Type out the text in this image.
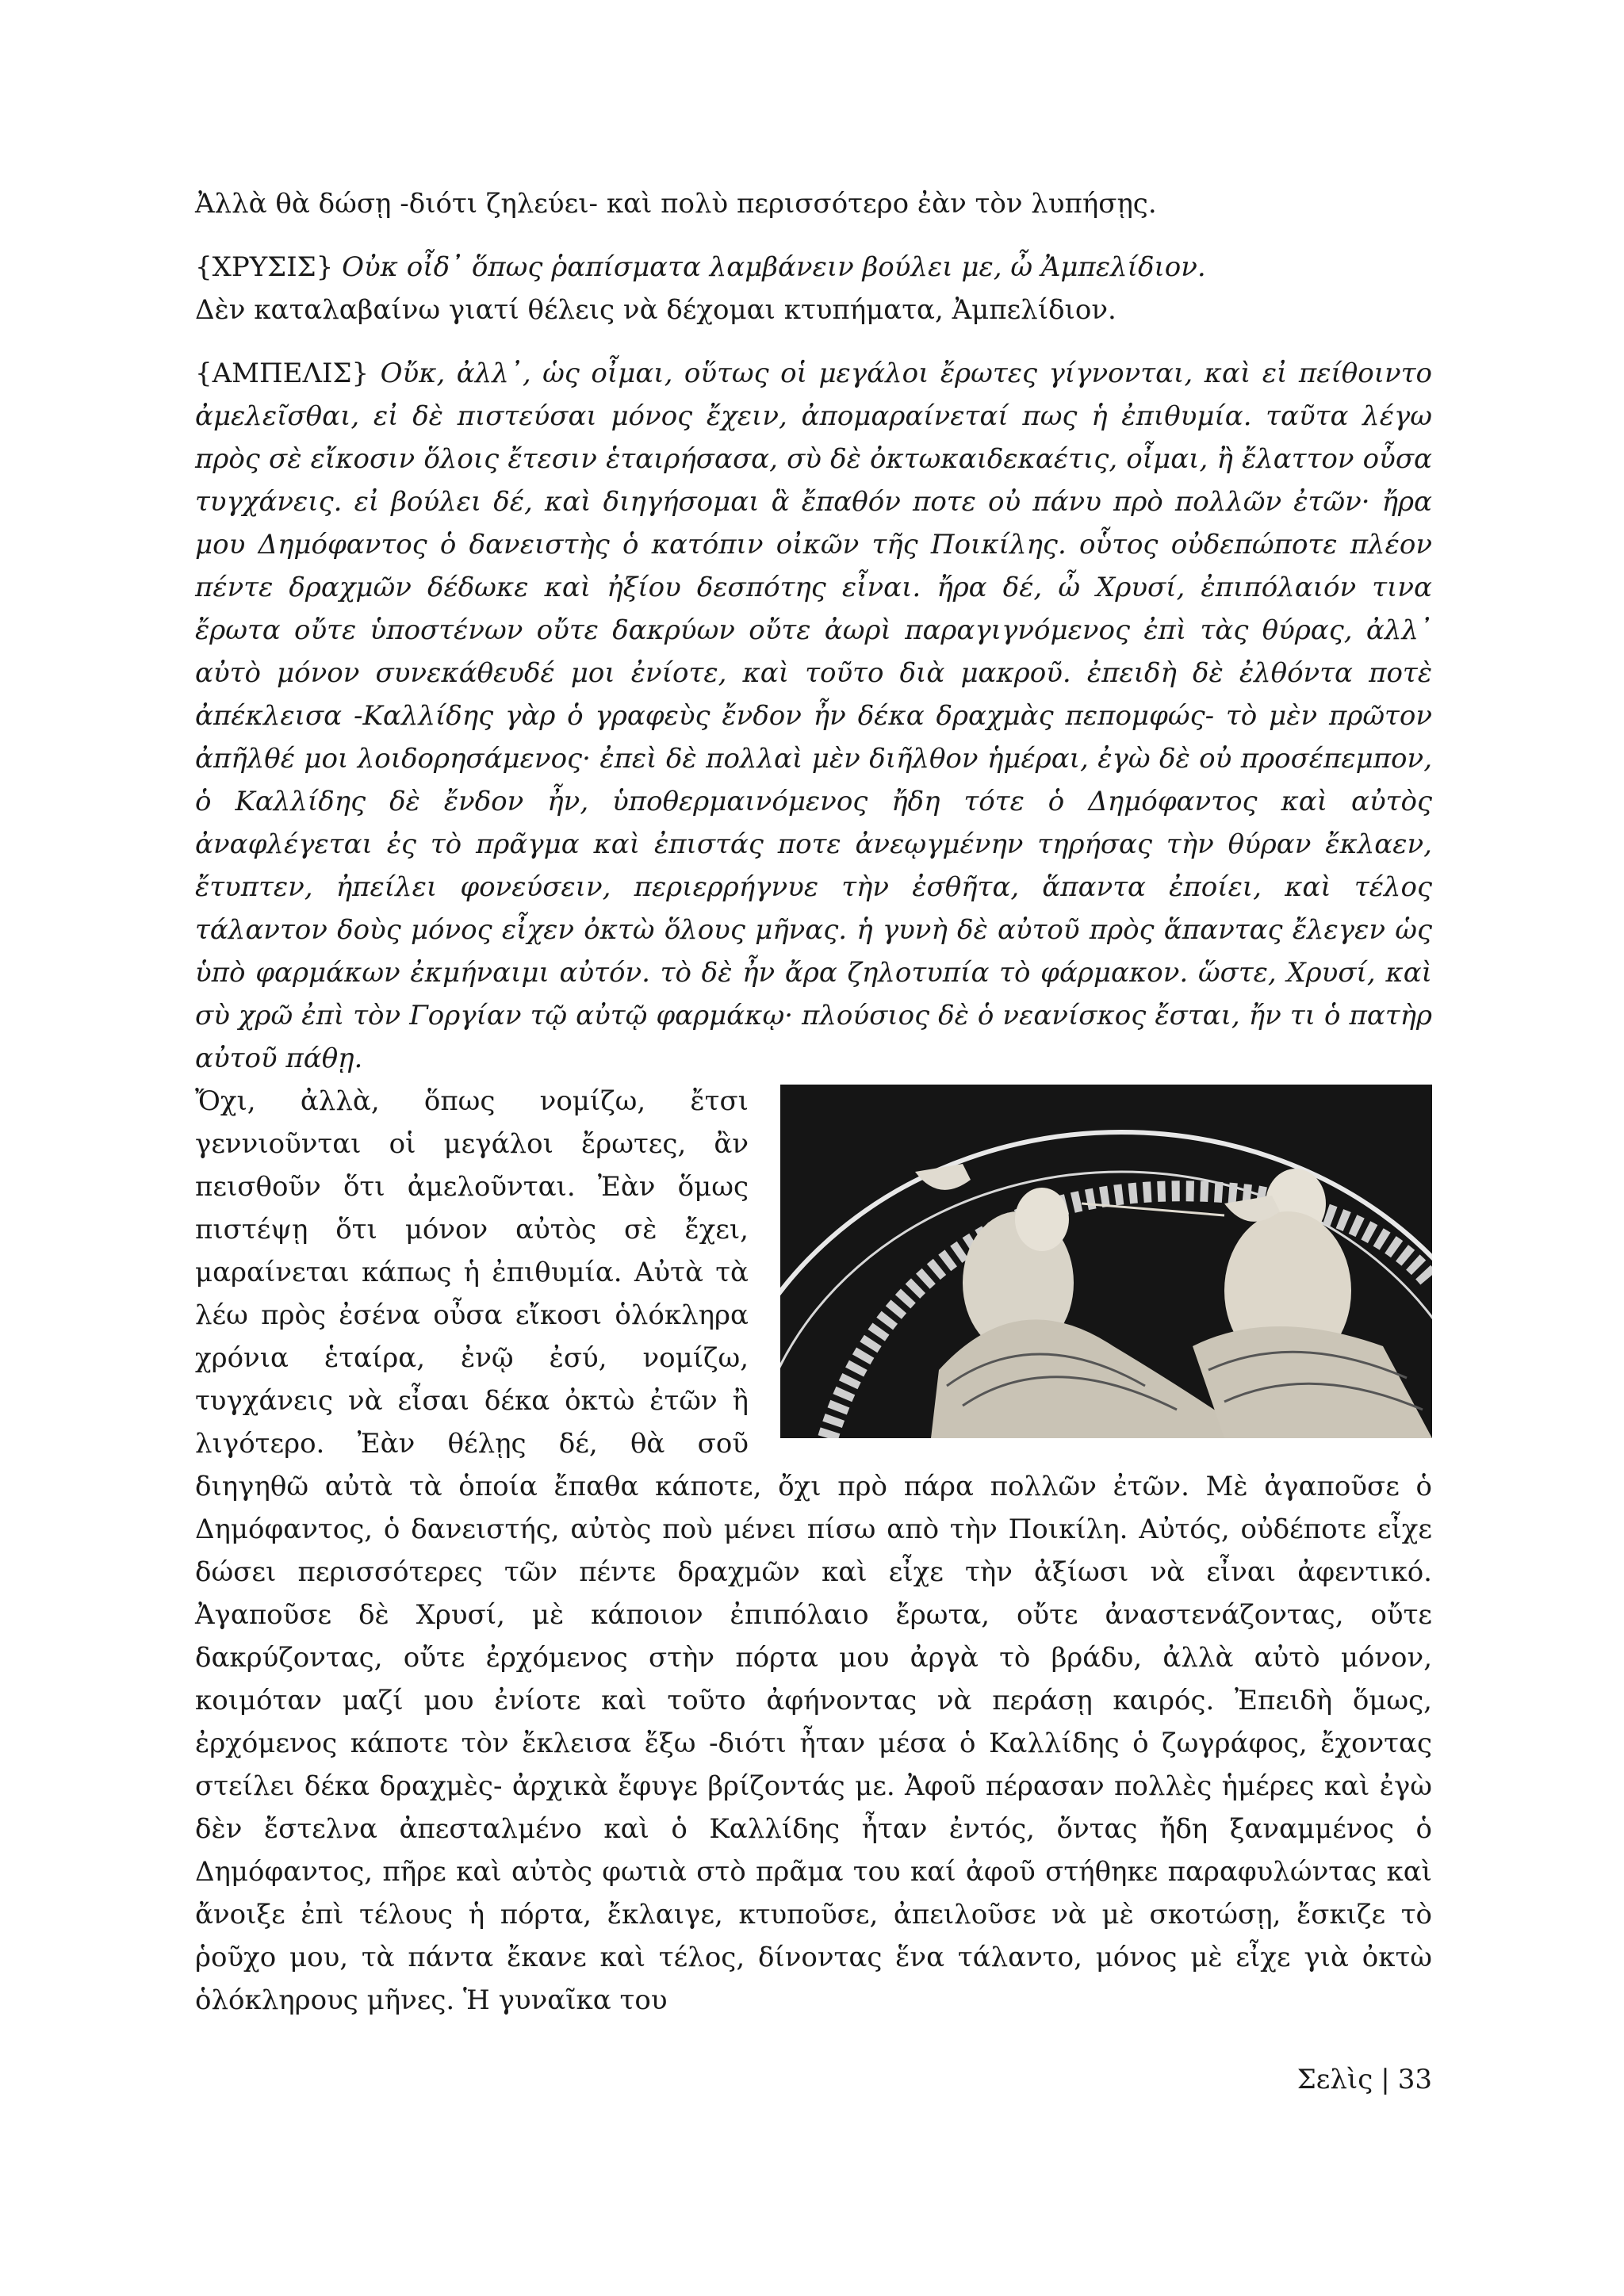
Ἀλλὰ θὰ δώσῃ -διότι ζηλεύει- καὶ πολὺ περισσότερο ἐὰν τὸν λυπήσῃς.

{ΧΡΥΣΙΣ} Οὐκ οἶδ᾽ ὅπως ῥαπίσματα λαμβάνειν βούλει με, ὦ Ἀμπελίδιον.

Δὲν καταλαβαίνω γιατί θέλεις νὰ δέχομαι κτυπήματα, Ἀμπελίδιον.

{ΑΜΠΕΛΙΣ} Οὔκ, ἀλλ᾽, ὡς οἶμαι, οὕτως οἱ μεγάλοι ἔρωτες γίγνονται, καὶ εἰ πείθοιντο ἀμελεῖσθαι, εἰ δὲ πιστεύσαι μόνος ἔχειν, ἀπομαραίνεταί πως ἡ ἐπιθυμία. ταῦτα λέγω πρὸς σὲ εἴκοσιν ὅλοις ἔτεσιν ἑταιρήσασα, σὺ δὲ ὀκτωκαιδεκαέτις, οἶμαι, ἢ ἔλαττον οὖσα τυγχάνεις. εἰ βούλει δέ, καὶ διηγήσομαι ἃ ἔπαθόν ποτε οὐ πάνυ πρὸ πολλῶν ἐτῶν· ἤρα μου Δημόφαντος ὁ δανειστὴς ὁ κατόπιν οἰκῶν τῆς Ποικίλης. οὗτος οὐδεπώποτε πλέον πέντε δραχμῶν δέδωκε καὶ ἠξίου δεσπότης εἶναι. ἤρα δέ, ὦ Χρυσί, ἐπιπόλαιόν τινα ἔρωτα οὔτε ὑποστένων οὔτε δακρύων οὔτε ἀωρὶ παραγιγνόμενος ἐπὶ τὰς θύρας, ἀλλ᾽ αὐτὸ μόνον συνεκάθευδέ μοι ἐνίοτε, καὶ τοῦτο διὰ μακροῦ. ἐπειδὴ δὲ ἐλθόντα ποτὲ ἀπέκλεισα -Καλλίδης γὰρ ὁ γραφεὺς ἔνδον ἦν δέκα δραχμὰς πεπομφώς- τὸ μὲν πρῶτον ἀπῆλθέ μοι λοιδορησάμενος· ἐπεὶ δὲ πολλαὶ μὲν διῆλθον ἡμέραι, ἐγὼ δὲ οὐ προσέπεμπον, ὁ Καλλίδης δὲ ἔνδον ἦν, ὑποθερμαινόμενος ἤδη τότε ὁ Δημόφαντος καὶ αὐτὸς ἀναφλέγεται ἐς τὸ πρᾶγμα καὶ ἐπιστάς ποτε ἀνεῳγμένην τηρήσας τὴν θύραν ἔκλαεν, ἔτυπτεν, ἠπείλει φονεύσειν, περιερρήγνυε τὴν ἐσθῆτα, ἅπαντα ἐποίει, καὶ τέλος τάλαντον δοὺς μόνος εἶχεν ὀκτὼ ὅλους μῆνας. ἡ γυνὴ δὲ αὐτοῦ πρὸς ἅπαντας ἔλεγεν ὡς ὑπὸ φαρμάκων ἐκμήναιμι αὐτόν. τὸ δὲ ἦν ἄρα ζηλοτυπία τὸ φάρμακον. ὥστε, Χρυσί, καὶ σὺ χρῶ ἐπὶ τὸν Γοργίαν τῷ αὐτῷ φαρμάκῳ· πλούσιος δὲ ὁ νεανίσκος ἔσται, ἤν τι ὁ πατὴρ αὐτοῦ πάθῃ.

Ὄχι, ἀλλὰ, ὅπως νομίζω, ἔτσι γεννιοῦνται οἱ μεγάλοι ἔρωτες, ἂν πεισθοῦν ὅτι ἀμελοῦνται. Ἐὰν ὅμως πιστέψῃ ὅτι μόνον αὐτὸς σὲ ἔχει, μαραίνεται κάπως ἡ ἐπιθυμία. Αὐτὰ τὰ λέω πρὸς ἐσένα οὖσα εἴκοσι ὁλόκληρα χρόνια ἑταίρα, ἐνῷ ἐσύ, νομίζω, τυγχάνεις νὰ εἶσαι δέκα ὀκτὼ ἐτῶν ἢ λιγότερο. Ἐὰν θέλῃς δέ, θὰ σοῦ διηγηθῶ αὐτὰ τὰ ὁποία ἔπαθα κάποτε, ὄχι πρὸ πάρα πολλῶν ἐτῶν. Μὲ ἀγαποῦσε ὁ Δημόφαντος, ὁ δανειστής, αὐτὸς ποὺ μένει πίσω απὸ τὴν Ποικίλη. Αὐτός, οὐδέποτε εἶχε δώσει περισσότερες τῶν πέντε δραχμῶν καὶ εἶχε τὴν ἀξίωσι νὰ εἶναι ἀφεντικό. Ἀγαποῦσε δὲ Χρυσί, μὲ κάποιον ἐπιπόλαιο ἔρωτα, οὔτε ἀναστενάζοντας, οὔτε δακρύζοντας, οὔτε ἐρχόμενος στὴν πόρτα μου ἀργὰ τὸ βράδυ, ἀλλὰ αὐτὸ μόνον, κοιμόταν μαζί μου ἐνίοτε καὶ τοῦτο ἀφήνοντας νὰ περάσῃ καιρός. Ἐπειδὴ ὅμως, ἐρχόμενος κάποτε τὸν ἔκλεισα ἔξω -διότι ἦταν μέσα ὁ Καλλίδης ὁ ζωγράφος, ἔχοντας στείλει δέκα δραχμὲς- ἀρχικὰ ἔφυγε βρίζοντάς με. Ἀφοῦ πέρασαν πολλὲς ἡμέρες καὶ ἐγὼ δὲν ἔστελνα ἀπεσταλμένο καὶ ὁ Καλλίδης ἦταν ἐντός, ὄντας ἤδη ξαναμμένος ὁ Δημόφαντος, πῆρε καὶ αὐτὸς φωτιὰ στὸ πρᾶμα του καί ἀφοῦ στήθηκε παραφυλώντας καὶ ἄνοιξε ἐπὶ τέλους ἡ πόρτα, ἔκλαιγε, κτυποῦσε, ἀπειλοῦσε νὰ μὲ σκοτώσῃ, ἔσκιζε τὸ ῥοῦχο μου, τὰ πάντα ἔκανε καὶ τέλος, δίνοντας ἕνα τάλαντο, μόνος μὲ εἶχε γιὰ ὀκτὼ ὁλόκληρους μῆνες. Ἡ γυναῖκα του

Σελὶς | 33
